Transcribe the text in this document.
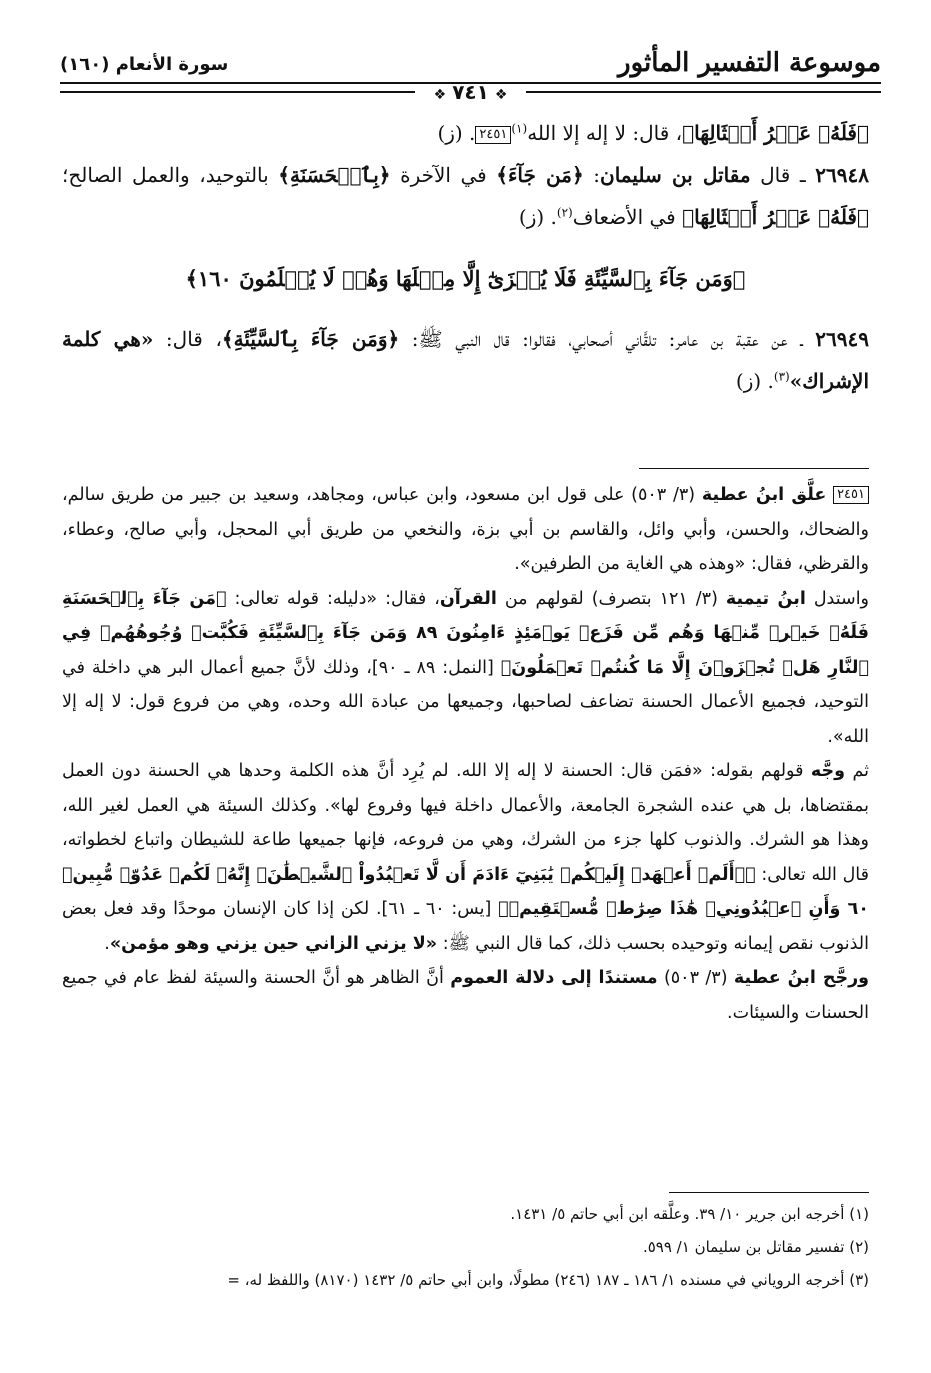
موسوعة التفسير المأثور
سورة الأنعام (١٦٠)
❖ ٧٤١ ❖

﴿فَلَهُۥ عَشۡرُ أَمۡثَالِهَا﴾، قال: لا إله إلا الله$^{(١)}$٢٤٥١. (ز)

٢٦٩٤٨ ـ قال مقاتل بن سليمان: ﴿مَن جَآءَ﴾ في الآخرة ﴿بِٱلۡحَسَنَةِ﴾ بالتوحيد، والعمل الصالح؛ ﴿فَلَهُۥ عَشۡرُ أَمۡثَالِهَا﴾ في الأضعاف$^{(٢)}$. (ز)

﴿وَمَن جَآءَ بِٱلسَّيِّئَةِ فَلَا يُجۡزَىٰٓ إِلَّا مِثۡلَهَا وَهُمۡ لَا يُظۡلَمُونَ ١٦٠﴾

٢٦٩٤٩ ـ عن عقبة بن عامر: تلقَّاني أصحابي، فقالوا: قال النبي ﷺ: ﴿وَمَن جَآءَ بِٱلسَّيِّئَةِ﴾، قال: «هي كلمة الإشراك»$^{(٣)}$. (ز)

٢٤٥١ علَّق ابنُ عطية (٣/ ٥٠٣) على قول ابن مسعود، وابن عباس، ومجاهد، وسعيد بن جبير من طريق سالم، والضحاك، والحسن، وأبي وائل، والقاسم بن أبي بزة، والنخعي من طريق أبي المحجل، وأبي صالح، وعطاء، والقرظي، فقال: «وهذه هي الغاية من الطرفين».

واستدل ابنُ تيمية (٣/ ١٢١ بتصرف) لقولهم من القرآن، فقال: «دليله: قوله تعالى: ﴿مَن جَآءَ بِٱلۡحَسَنَةِ فَلَهُۥ خَيۡرٞ مِّنۡهَا وَهُم مِّن فَزَعٖ يَوۡمَئِذٍ ءَامِنُونَ ٨٩ وَمَن جَآءَ بِٱلسَّيِّئَةِ فَكُبَّتۡ وُجُوهُهُمۡ فِي ٱلنَّارِ هَلۡ تُجۡزَوۡنَ إِلَّا مَا كُنتُمۡ تَعۡمَلُونَ﴾ [النمل: ٨٩ ـ ٩٠]، وذلك لأنَّ جميع أعمال البر هي داخلة في التوحيد، فجميع الأعمال الحسنة تضاعف لصاحبها، وجميعها من عبادة الله وحده، وهي من فروع قول: لا إله إلا الله».

ثم وجَّه قولهم بقوله: «فمَن قال: الحسنة لا إله إلا الله. لم يُرِد أنَّ هذه الكلمة وحدها هي الحسنة دون العمل بمقتضاها، بل هي عنده الشجرة الجامعة، والأعمال داخلة فيها وفروع لها». وكذلك السيئة هي العمل لغير الله، وهذا هو الشرك. والذنوب كلها جزء من الشرك، وهي من فروعه، فإنها جميعها طاعة للشيطان واتباع لخطواته، قال الله تعالى: ﴿۞أَلَمۡ أَعۡهَدۡ إِلَيۡكُمۡ يَٰبَنِيٓ ءَادَمَ أَن لَّا تَعۡبُدُواْ ٱلشَّيۡطَٰنَۖ إِنَّهُۥ لَكُمۡ عَدُوّٞ مُّبِينٞ ٦٠ وَأَنِ ٱعۡبُدُونِيۚ هَٰذَا صِرَٰطٞ مُّسۡتَقِيمٞ﴾ [يس: ٦٠ ـ ٦١]. لكن إذا كان الإنسان موحدًا وقد فعل بعض الذنوب نقص إيمانه وتوحيده بحسب ذلك، كما قال النبي ﷺ: «لا يزني الزاني حين يزني وهو مؤمن».

ورجَّح ابنُ عطية (٣/ ٥٠٣) مستندًا إلى دلالة العموم أنَّ الظاهر هو أنَّ الحسنة والسيئة لفظ عام في جميع الحسنات والسيئات.

(١) أخرجه ابن جرير ١٠/ ٣٩. وعلَّقه ابن أبي حاتم ٥/ ١٤٣١.

(٢) تفسير مقاتل بن سليمان ١/ ٥٩٩.

(٣) أخرجه الروياني في مسنده ١/ ١٨٦ ـ ١٨٧ (٢٤٦) مطولًا، وابن أبي حاتم ٥/ ١٤٣٢ (٨١٧٠) واللفظ له، =
